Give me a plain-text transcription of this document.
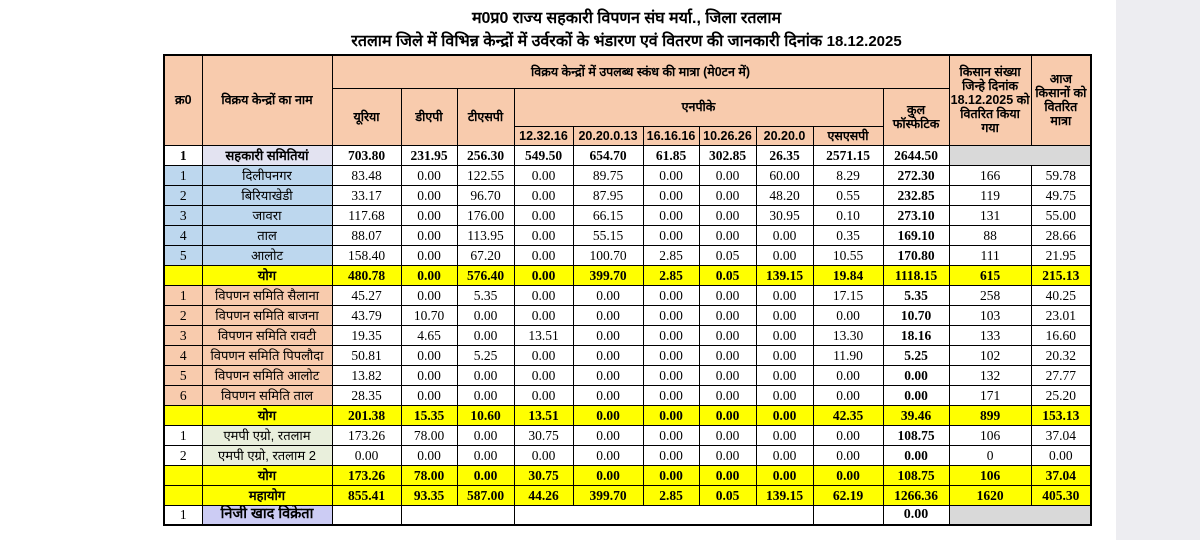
म0प्र0 राज्य सहकारी विपणन संघ मर्या., जिला रतलाम
रतलाम जिले में विभिन्न केन्द्रों में उर्वरकों के भंडारण एवं वितरण की जानकारी दिनांक 18.12.2025
क्र0	विक्रय केन्द्रों का नाम	विक्रय केन्द्रों में उपलब्ध स्कंध की मात्रा (मे0टन में)										किसान संख्या जिन्हे दिनांक 18.12.2025 को वितरित किया गया	आज किसानों को वितरित मात्रा
		यूरिया	डीएपी	टीएसपी	एनपीके						कुल फॉस्फेटिक		
					12.32.16	20.20.0.13	16.16.16	10.26.26	20.20.0	एसएसपी			
1	सहकारी समितियां	703.80	231.95	256.30	549.50	654.70	61.85	302.85	26.35	2571.15	2644.50		
1	दिलीपनगर	83.48	0.00	122.55	0.00	89.75	0.00	0.00	60.00	8.29	272.30	166	59.78
2	बिरियाखेडी	33.17	0.00	96.70	0.00	87.95	0.00	0.00	48.20	0.55	232.85	119	49.75
3	जावरा	117.68	0.00	176.00	0.00	66.15	0.00	0.00	30.95	0.10	273.10	131	55.00
4	ताल	88.07	0.00	113.95	0.00	55.15	0.00	0.00	0.00	0.35	169.10	88	28.66
5	आलोट	158.40	0.00	67.20	0.00	100.70	2.85	0.05	0.00	10.55	170.80	111	21.95
	योग	480.78	0.00	576.40	0.00	399.70	2.85	0.05	139.15	19.84	1118.15	615	215.13
1	विपणन समिति सैलाना	45.27	0.00	5.35	0.00	0.00	0.00	0.00	0.00	17.15	5.35	258	40.25
2	विपणन समिति बाजना	43.79	10.70	0.00	0.00	0.00	0.00	0.00	0.00	0.00	10.70	103	23.01
3	विपणन समिति रावटी	19.35	4.65	0.00	13.51	0.00	0.00	0.00	0.00	13.30	18.16	133	16.60
4	विपणन समिति पिपलौदा	50.81	0.00	5.25	0.00	0.00	0.00	0.00	0.00	11.90	5.25	102	20.32
5	विपणन समिति आलोट	13.82	0.00	0.00	0.00	0.00	0.00	0.00	0.00	0.00	0.00	132	27.77
6	विपणन समिति ताल	28.35	0.00	0.00	0.00	0.00	0.00	0.00	0.00	0.00	0.00	171	25.20
	योग	201.38	15.35	10.60	13.51	0.00	0.00	0.00	0.00	42.35	39.46	899	153.13
1	एमपी एग्रो, रतलाम	173.26	78.00	0.00	30.75	0.00	0.00	0.00	0.00	0.00	108.75	106	37.04
2	एमपी एग्रो, रतलाम 2	0.00	0.00	0.00	0.00	0.00	0.00	0.00	0.00	0.00	0.00	0	0.00
	योग	173.26	78.00	0.00	30.75	0.00	0.00	0.00	0.00	0.00	108.75	106	37.04
	महायोग	855.41	93.35	587.00	44.26	399.70	2.85	0.05	139.15	62.19	1266.36	1620	405.30
1	निजी खाद विक्रेता										0.00		
